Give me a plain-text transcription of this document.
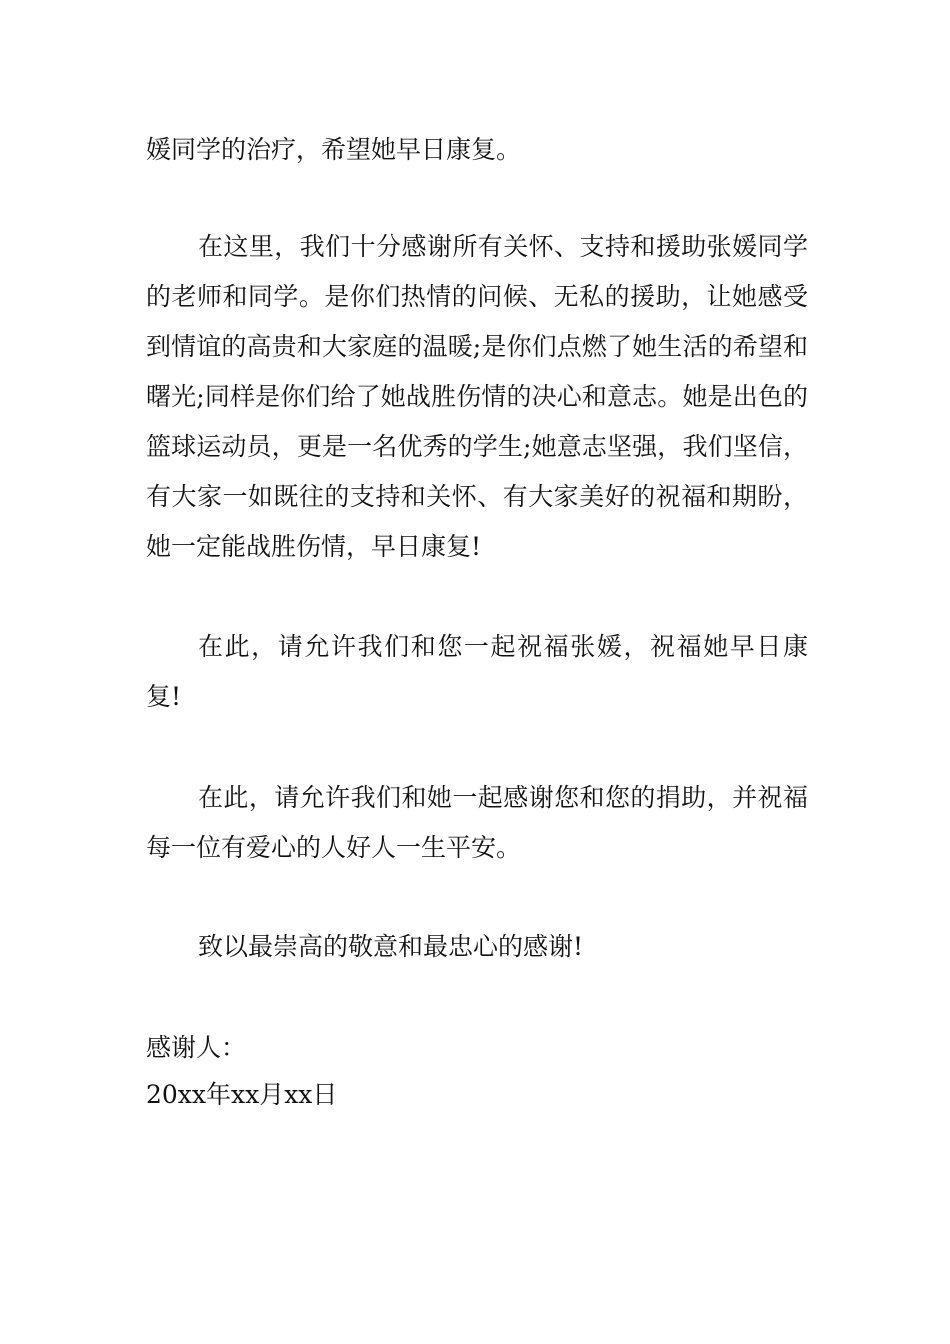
媛同学的治疗，希望她早日康复。

在这里，我们十分感谢所有关怀、支持和援助张媛同学的老师和同学。是你们热情的问候、无私的援助，让她感受到情谊的高贵和大家庭的温暖;是你们点燃了她生活的希望和曙光;同样是你们给了她战胜伤情的决心和意志。她是出色的篮球运动员，更是一名优秀的学生;她意志坚强，我们坚信，有大家一如既往的支持和关怀、有大家美好的祝福和期盼，她一定能战胜伤情，早日康复!

在此，请允许我们和您一起祝福张媛，祝福她早日康复!

在此，请允许我们和她一起感谢您和您的捐助，并祝福每一位有爱心的人好人一生平安。

致以最崇高的敬意和最忠心的感谢!

感谢人：

20xx年xx月xx日
